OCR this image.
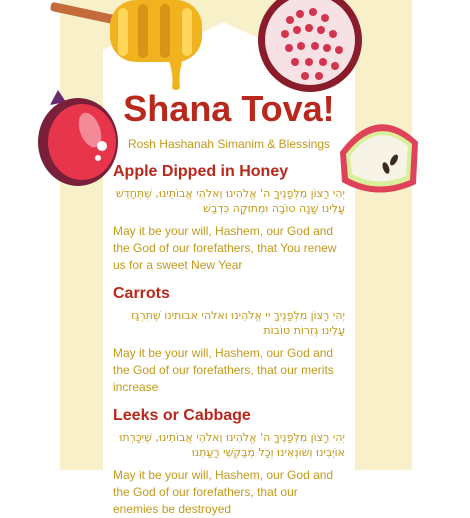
Shana Tova!
Rosh Hashanah Simanim & Blessings
Apple Dipped in Honey
יְהִי רָצוֹן מִלְּפָנֶיךָ ה' אֱלֹהֵינוּ וֵאלֹהֵי אֲבוֹתֵינוּ, שֶׁתְּחַדֵּשׁ עָלֵינוּ שָׁנָה טוֹבָה וּמְתוּקָה כִּדְבַשׁ
May it be your will, Hashem, our God and the God of our forefathers, that You renew us for a sweet New Year
Carrots
יְהִי רָצוֹן מִלְּפָנֶיךָ יי אֱלֹהֵינוּ ואלהי אבותינו שֶׁתִּרְגַּז עָלֵינוּ גְּזֵרוֹת טוֹבוֹת
May it be your will, Hashem, our God and the God of our forefathers, that our merits increase
Leeks or Cabbage
יְהִי רָצוֹן מִלְּפָנֶיךָ ה' אֱלֹהֵינוּ וֵאלֹהֵי אֲבוֹתֵינוּ, שֶׁיִּכָּרְתוּ אוֹיְבֵינוּ וְשׂוֹנְאֵינוּ וְכָל מְבַקְשֵׁי רָעָתֵנוּ
May it be your will, Hashem, our God and the God of our forefathers, that our enemies be destroyed
